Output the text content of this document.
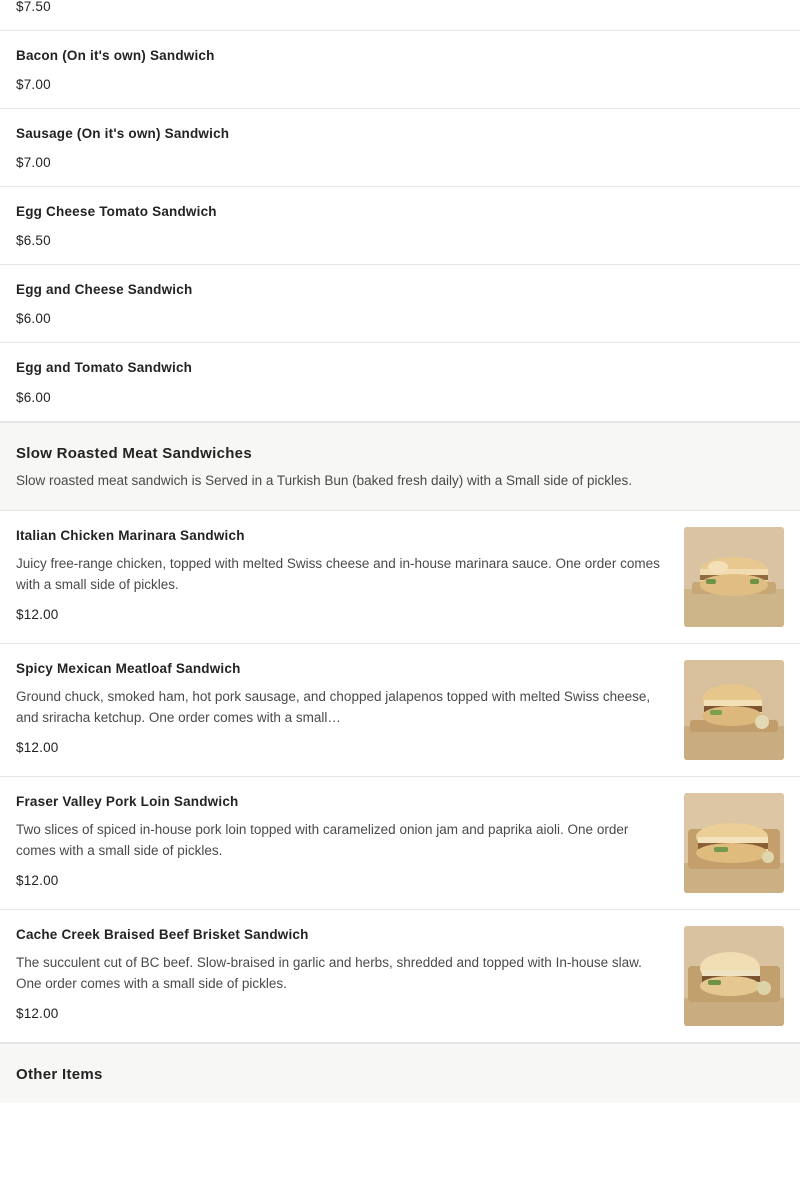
$7.50
Bacon (On it's own) Sandwich
$7.00
Sausage (On it's own) Sandwich
$7.00
Egg Cheese Tomato Sandwich
$6.50
Egg and Cheese Sandwich
$6.00
Egg and Tomato Sandwich
$6.00
Slow Roasted Meat Sandwiches
Slow roasted meat sandwich is Served in a Turkish Bun (baked fresh daily) with a Small side of pickles.
Italian Chicken Marinara Sandwich
Juicy free-range chicken, topped with melted Swiss cheese and in-house marinara sauce. One order comes with a small side of pickles.
$12.00
Spicy Mexican Meatloaf Sandwich
Ground chuck, smoked ham, hot pork sausage, and chopped jalapenos topped with melted Swiss cheese, and sriracha ketchup. One order comes with a small…
$12.00
Fraser Valley Pork Loin Sandwich
Two slices of spiced in-house pork loin topped with caramelized onion jam and paprika aioli. One order comes with a small side of pickles.
$12.00
Cache Creek Braised Beef Brisket Sandwich
The succulent cut of BC beef. Slow-braised in garlic and herbs, shredded and topped with In-house slaw. One order comes with a small side of pickles.
$12.00
Other Items
